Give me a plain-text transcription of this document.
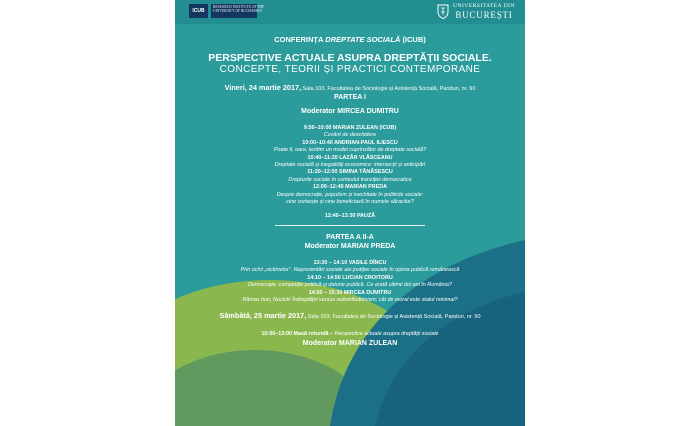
ICUB
RESEARCH INSTITUTE OF THE
UNIVERSITY OF BUCHAREST
UNIVERSITATEA DIN
BUCUREȘTI
CONFERINȚA DREPTATE SOCIALĂ (ICUB)
PERSPECTIVE ACTUALE ASUPRA DREPTĂȚII SOCIALE.
CONCEPTE, TEORII ȘI PRACTICI CONTEMPORANE
Vineri, 24 martie 2017, Sala 103, Facultatea de Sociologie și Asistență Socială, Panduri, nr. 90
PARTEA I
Moderator MIRCEA DUMITRU
9:50–10:00 MARIAN ZULEAN (ICUB)
Cuvânt de deschidere
10:00–10:40 ANDRIAN-PAUL ILIESCU
Poate fi, oare, lezitim un model cuprinzător de dreptate socială?
10:40–11:20 LAZĂR VLĂSCEANU
Dreptate socială și inegalități economice: intersecții și anticipări
11:20–12:00 SIMINA TĂNĂSESCU
Drepturile sociale în contextul tranziției democratice
12:00–12:40 MARIAN PREDA
Despre democrație, populism și inechitate în politicile sociale:
cine vorbește și cine beneficiază în numele săracilor?
12:40–13:30 PAUZĂ
PARTEA A II-A
Moderator MARIAN PREDA
13:30 – 14:10 VASILE DÎNCU
Prin ochii „victimelor”. Reprezentări sociale ale justiției sociale în opinia publică românească
14:10 – 14:50 LUCIAN CROITORU
Democrație, competiție politică și datorie publică. Ce arată ultimii doi ani în România?
14:50 – 15:30 MIRCEA DUMITRU
Rămas bun, Nozick! Îndreptățiri versus redistribuționism; cât de moral este statul minimal?
Sâmbătă, 25 martie 2017, Sala 103, Facultatea de Sociologie și Asistență Socială, Panduri, nr. 90
10:00–13:00 Masă rotundă – Perspective actuale asupra dreptății sociale
Moderator MARIAN ZULEAN
